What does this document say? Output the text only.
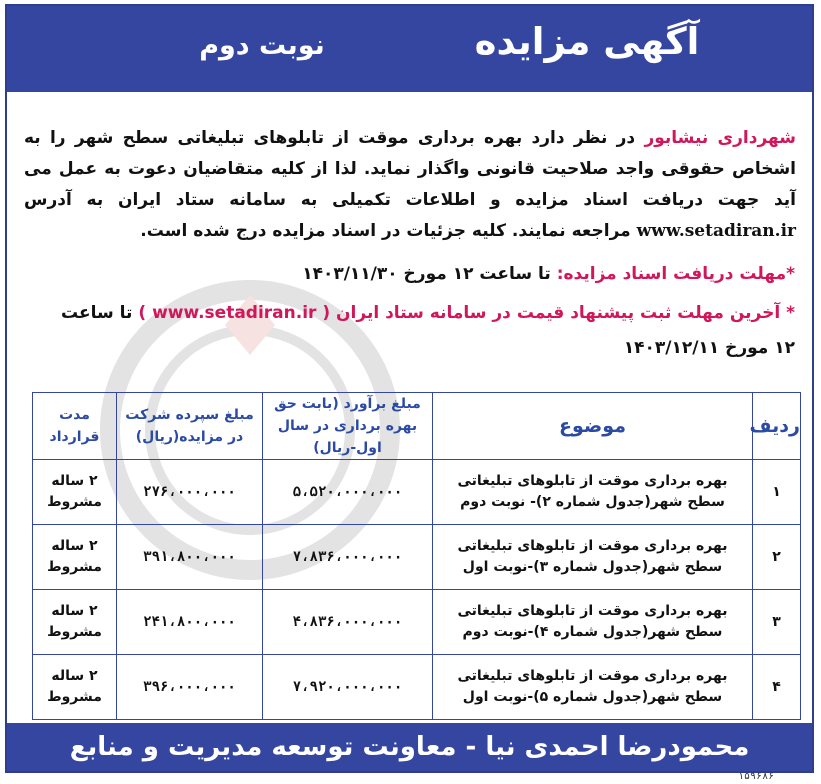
آگهی مزایده
نوبت دوم
شهرداری نیشابور در نظر دارد بهره برداری موقت از تابلوهای تبلیغاتی سطح شهر را به اشخاص حقوقی واجد صلاحیت قانونی واگذار نماید. لذا از کلیه متقاضیان دعوت به عمل می آید جهت دریافت اسناد مزایده و اطلاعات تکمیلی به سامانه ستاد ایران به آدرس www.setadiran.ir مراجعه نمایند. کلیه جزئیات در اسناد مزایده درج شده است.
*مهلت دریافت اسناد مزایده: تا ساعت ۱۲ مورخ ۱۴۰۳/۱۱/۳۰
* آخرین مهلت ثبت پیشنهاد قیمت در سامانه ستاد ایران ( www.setadiran.ir ) تا ساعت
۱۲ مورخ ۱۴۰۳/۱۲/۱۱
ردیف	موضوع	مبلغ برآورد (بابت حق بهره برداری در سال اول-ریال)	مبلغ سپرده شرکت در مزایده(ریال)	مدت قرارداد
۱	بهره برداری موقت از تابلوهای تبلیغاتی
سطح شهر(جدول شماره ۲)- نوبت دوم	۵،۵۲۰،۰۰۰،۰۰۰	۲۷۶،۰۰۰،۰۰۰	۲ ساله
مشروط
۲	بهره برداری موقت از تابلوهای تبلیغاتی
سطح شهر(جدول شماره ۳)-نوبت اول	۷،۸۳۶،۰۰۰،۰۰۰	۳۹۱،۸۰۰،۰۰۰	۲ ساله
مشروط
۳	بهره برداری موقت از تابلوهای تبلیغاتی
سطح شهر(جدول شماره ۴)-نوبت دوم	۴،۸۳۶،۰۰۰،۰۰۰	۲۴۱،۸۰۰،۰۰۰	۲ ساله
مشروط
۴	بهره برداری موقت از تابلوهای تبلیغاتی
سطح شهر(جدول شماره ۵)-نوبت اول	۷،۹۲۰،۰۰۰،۰۰۰	۳۹۶،۰۰۰،۰۰۰	۲ ساله
مشروط
محمودرضا احمدی نیا - معاونت توسعه مدیریت و منابع
۱۵۹۶۸۶
